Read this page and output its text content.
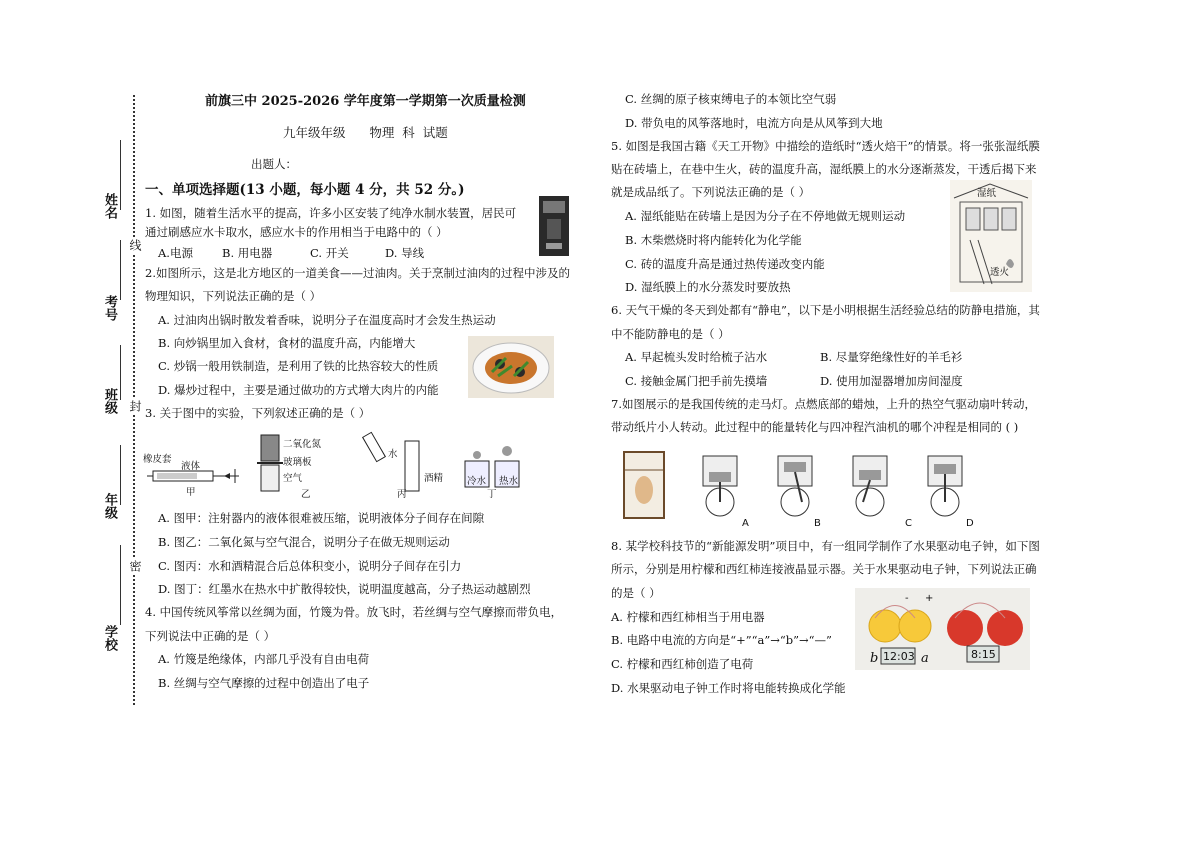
姓名
考号
班级
年级
学校
线
封
密
前旗三中 2025-2026 学年度第一学期第一次质量检测
九年级年级      物理  科  试题
出题人：
一、单项选择题(13 小题，每小题 4 分，共 52 分。)
1. 如图，随着生活水平的提高，许多小区安装了纯净水制水装置，居民可
通过刷感应水卡取水，感应水卡的作用相当于电路中的（ ）
A.电源	B. 用电器	C. 开关	D. 导线
2.如图所示，这是北方地区的一道美食——过油肉。关于烹制过油肉的过程中涉及的
物理知识，下列说法正确的是（ ）
A. 过油肉出锅时散发着香味，说明分子在温度高时才会发生热运动
B. 向炒锅里加入食材，食材的温度升高，内能增大
C. 炒锅一般用铁制造，是利用了铁的比热容较大的性质
D. 爆炒过程中，主要是通过做功的方式增大肉片的内能
3. 关于图中的实验，下列叙述正确的是（ ）
橡皮套
液体
甲
二氧化氮
玻璃板
空气
乙
水
酒精
丙
冷水 热水
丁
A. 图甲：注射器内的液体很难被压缩，说明液体分子间存在间隙
B. 图乙：二氧化氮与空气混合，说明分子在做无规则运动
C. 图丙：水和酒精混合后总体积变小，说明分子间存在引力
D. 图丁：红墨水在热水中扩散得较快，说明温度越高，分子热运动越剧烈
4. 中国传统风筝常以丝绸为面，竹篾为骨。放飞时，若丝绸与空气摩擦而带负电，
下列说法中正确的是（ ）
A. 竹篾是绝缘体，内部几乎没有自由电荷
B. 丝绸与空气摩擦的过程中创造出了电子
C. 丝绸的原子核束缚电子的本领比空气弱
D. 带负电的风筝落地时，电流方向是从风筝到大地
5. 如图是我国古籍《天工开物》中描绘的造纸时“透火焙干”的情景。将一张张湿纸膜
贴在砖墙上，在巷中生火，砖的温度升高，湿纸膜上的水分逐渐蒸发，干透后揭下来
就是成品纸了。下列说法正确的是（ ）	湿纸
透火
A. 湿纸能贴在砖墙上是因为分子在不停地做无规则运动
B. 木柴燃烧时将内能转化为化学能
C. 砖的温度升高是通过热传递改变内能
D. 湿纸膜上的水分蒸发时要放热
6. 天气干燥的冬天到处都有“静电”，以下是小明根据生活经验总结的防静电措施，其
中不能防静电的是（ ）
A. 早起梳头发时给梳子沾水	B. 尽量穿绝缘性好的羊毛衫
C. 接触金属门把手前先摸墙	D. 使用加湿器增加房间湿度
7.如图展示的是我国传统的走马灯。点燃底部的蜡烛，上升的热空气驱动扇叶转动，
带动纸片小人转动。此过程中的能量转化与四冲程汽油机的哪个冲程是相同的 ( )
A	B	C	D
8. 某学校科技节的“新能源发明”项目中，有一组同学制作了水果驱动电子钟，如下图
所示，分别是用柠檬和西红柿连接液晶显示器。关于水果驱动电子钟，下列说法正确
的是（ ）
b 12:03 a	8:15
- +
A. 柠檬和西红柿相当于用电器
B. 电路中电流的方向是“+”“a”→“b”→“—”
C. 柠檬和西红柿创造了电荷
D. 水果驱动电子钟工作时将电能转换成化学能
